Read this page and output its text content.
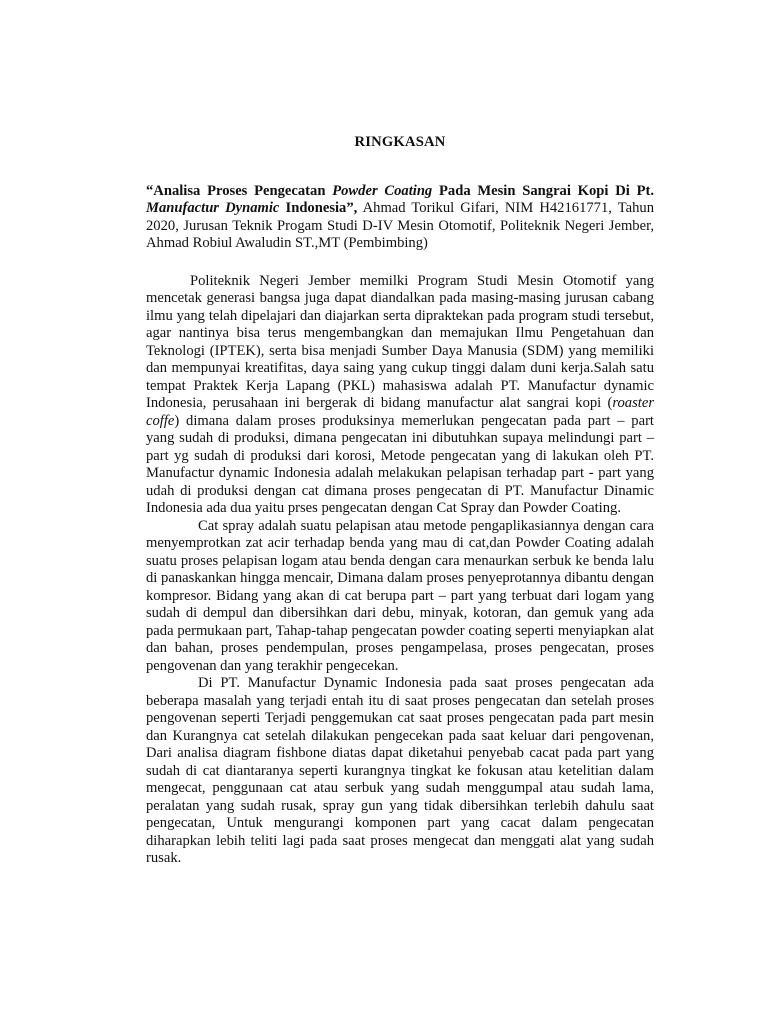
RINGKASAN

“Analisa Proses Pengecatan Powder Coating Pada Mesin Sangrai Kopi Di Pt. Manufactur Dynamic Indonesia”, Ahmad Torikul Gifari, NIM H42161771, Tahun 2020, Jurusan Teknik Progam Studi D-IV Mesin Otomotif, Politeknik Negeri Jember, Ahmad Robiul Awaludin ST.,MT (Pembimbing)

Politeknik Negeri Jember memilki Program Studi Mesin Otomotif yang mencetak generasi bangsa juga dapat diandalkan pada masing-masing jurusan cabang ilmu yang telah dipelajari dan diajarkan serta dipraktekan pada program studi tersebut, agar nantinya bisa terus mengembangkan dan memajukan Ilmu Pengetahuan dan Teknologi (IPTEK), serta bisa menjadi Sumber Daya Manusia (SDM) yang memiliki dan mempunyai kreatifitas, daya saing yang cukup tinggi dalam duni kerja.Salah satu tempat Praktek Kerja Lapang (PKL) mahasiswa adalah PT. Manufactur dynamic Indonesia, perusahaan ini bergerak di bidang manufactur alat sangrai kopi (roaster coffe) dimana dalam proses produksinya memerlukan pengecatan pada part – part yang sudah di produksi, dimana pengecatan ini dibutuhkan supaya melindungi part – part yg sudah di produksi dari korosi, Metode pengecatan yang di lakukan oleh PT. Manufactur dynamic Indonesia adalah melakukan pelapisan terhadap part - part yang udah di produksi dengan cat dimana proses pengecatan di PT. Manufactur Dinamic Indonesia ada dua yaitu prses pengecatan dengan Cat Spray dan Powder Coating.

Cat spray adalah suatu pelapisan atau metode pengaplikasiannya dengan cara menyemprotkan zat acir terhadap benda yang mau di cat,dan Powder Coating adalah suatu proses pelapisan logam atau benda dengan cara menaurkan serbuk ke benda lalu di panaskankan hingga mencair, Dimana dalam proses penyeprotannya dibantu dengan kompresor. Bidang yang akan di cat berupa part – part yang terbuat dari logam yang sudah di dempul dan dibersihkan dari debu, minyak, kotoran, dan gemuk yang ada pada permukaan part, Tahap-tahap pengecatan powder coating seperti menyiapkan alat dan bahan, proses pendempulan, proses pengampelasa, proses pengecatan, proses pengovenan dan yang terakhir pengecekan.

Di PT. Manufactur Dynamic Indonesia pada saat proses pengecatan ada beberapa masalah yang terjadi entah itu di saat proses pengecatan dan setelah proses pengovenan seperti Terjadi penggemukan cat saat proses pengecatan pada part mesin dan Kurangnya cat setelah dilakukan pengecekan pada saat keluar dari pengovenan, Dari analisa diagram fishbone diatas dapat diketahui penyebab cacat pada part yang sudah di cat diantaranya seperti kurangnya tingkat ke fokusan atau ketelitian dalam mengecat, penggunaan cat atau serbuk yang sudah menggumpal atau sudah lama, peralatan yang sudah rusak, spray gun yang tidak dibersihkan terlebih dahulu saat pengecatan, Untuk mengurangi komponen part yang cacat dalam pengecatan diharapkan lebih teliti lagi pada saat proses mengecat dan menggati alat yang sudah rusak.
